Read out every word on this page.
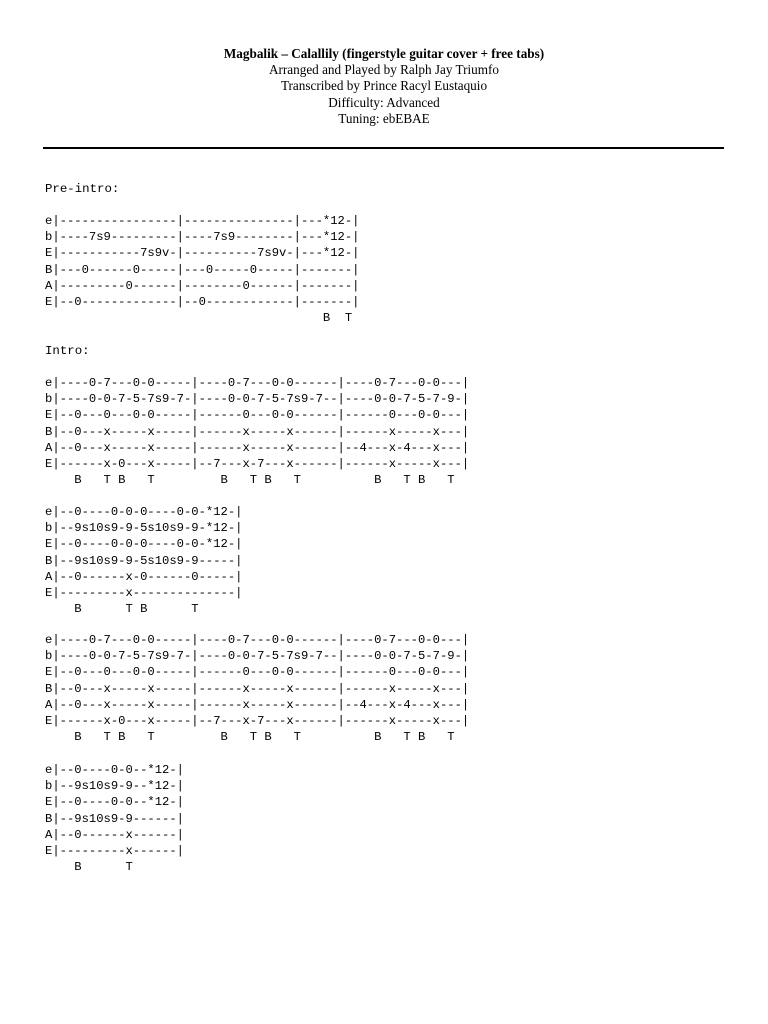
Magbalik – Calallily (fingerstyle guitar cover + free tabs)
Arranged and Played by Ralph Jay Triumfo
Transcribed by Prince Racyl Eustaquio
Difficulty: Advanced
Tuning: ebEBAE
Pre-intro:
e|----------------|---------------|---*12-|
b|----7s9---------|----7s9--------|---*12-|
E|-----------7s9v-|----------7s9v-|---*12-|
B|---0------0-----|---0-----0-----|-------|
A|---------0------|--------0------|-------|
E|--0-------------|--0------------|-------|
B  T
Intro:
e|----0-7---0-0-----|----0-7---0-0------|----0-7---0-0---|
b|----0-0-7-5-7s9-7-|----0-0-7-5-7s9-7--|----0-0-7-5-7-9-|
E|--0---0---0-0-----|------0---0-0------|------0---0-0---|
B|--0---x-----x-----|------x-----x------|------x-----x---|
A|--0---x-----x-----|------x-----x------|--4---x-4---x---|
E|------x-0---x-----|--7---x-7---x------|------x-----x---|
B   T B   T         B   T B   T          B   T B   T
e|--0----0-0-0----0-0-*12-|
b|--9s10s9-9-5s10s9-9-*12-|
E|--0----0-0-0----0-0-*12-|
B|--9s10s9-9-5s10s9-9-----|
A|--0------x-0------0-----|
E|---------x--------------|
B      T B      T
e|----0-7---0-0-----|----0-7---0-0------|----0-7---0-0---|
b|----0-0-7-5-7s9-7-|----0-0-7-5-7s9-7--|----0-0-7-5-7-9-|
E|--0---0---0-0-----|------0---0-0------|------0---0-0---|
B|--0---x-----x-----|------x-----x------|------x-----x---|
A|--0---x-----x-----|------x-----x------|--4---x-4---x---|
E|------x-0---x-----|--7---x-7---x------|------x-----x---|
B   T B   T         B   T B   T          B   T B   T
e|--0----0-0--*12-|
b|--9s10s9-9--*12-|
E|--0----0-0--*12-|
B|--9s10s9-9------|
A|--0------x------|
E|---------x------|
B      T
